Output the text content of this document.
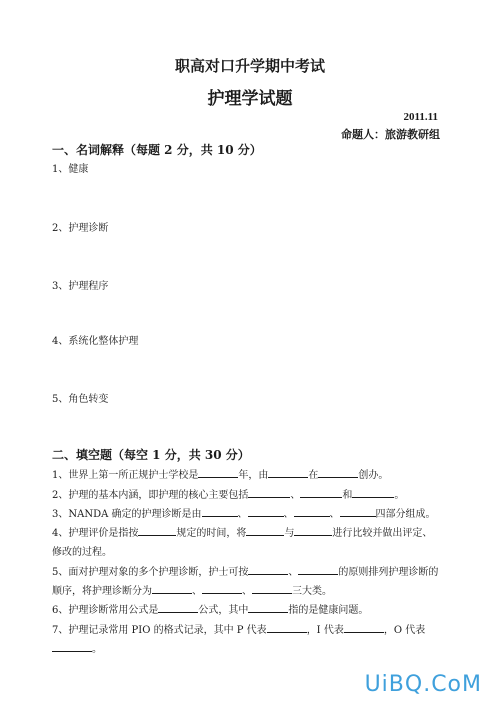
职高对口升学期中考试
护理学试题
2011.11
命题人：旅游教研组
一、名词解释（每题 2 分，共 10 分）
1、健康
2、护理诊断
3、护理程序
4、系统化整体护理
5、角色转变
二、填空题（每空 1 分，共 30 分）
1、世界上第一所正规护士学校是	年，由	在	创办。
2、护理的基本内涵，即护理的核心主要包括	、	和	。
3、NANDA 确定的护理诊断是由	、	、	、	四部分组成。
4、护理评价是指按	规定的时间，将	与	进行比较并做出评定、
修改的过程。
5、面对护理对象的多个护理诊断，护士可按	、	的原则排列护理诊断的
顺序，将护理诊断分为	、	、	三大类。
6、护理诊断常用公式是	公式，其中	指的是健康问题。
7、护理记录常用 PIO 的格式记录，其中 P 代表	，I 代表	，O 代表
。
UiBQ.CoM
